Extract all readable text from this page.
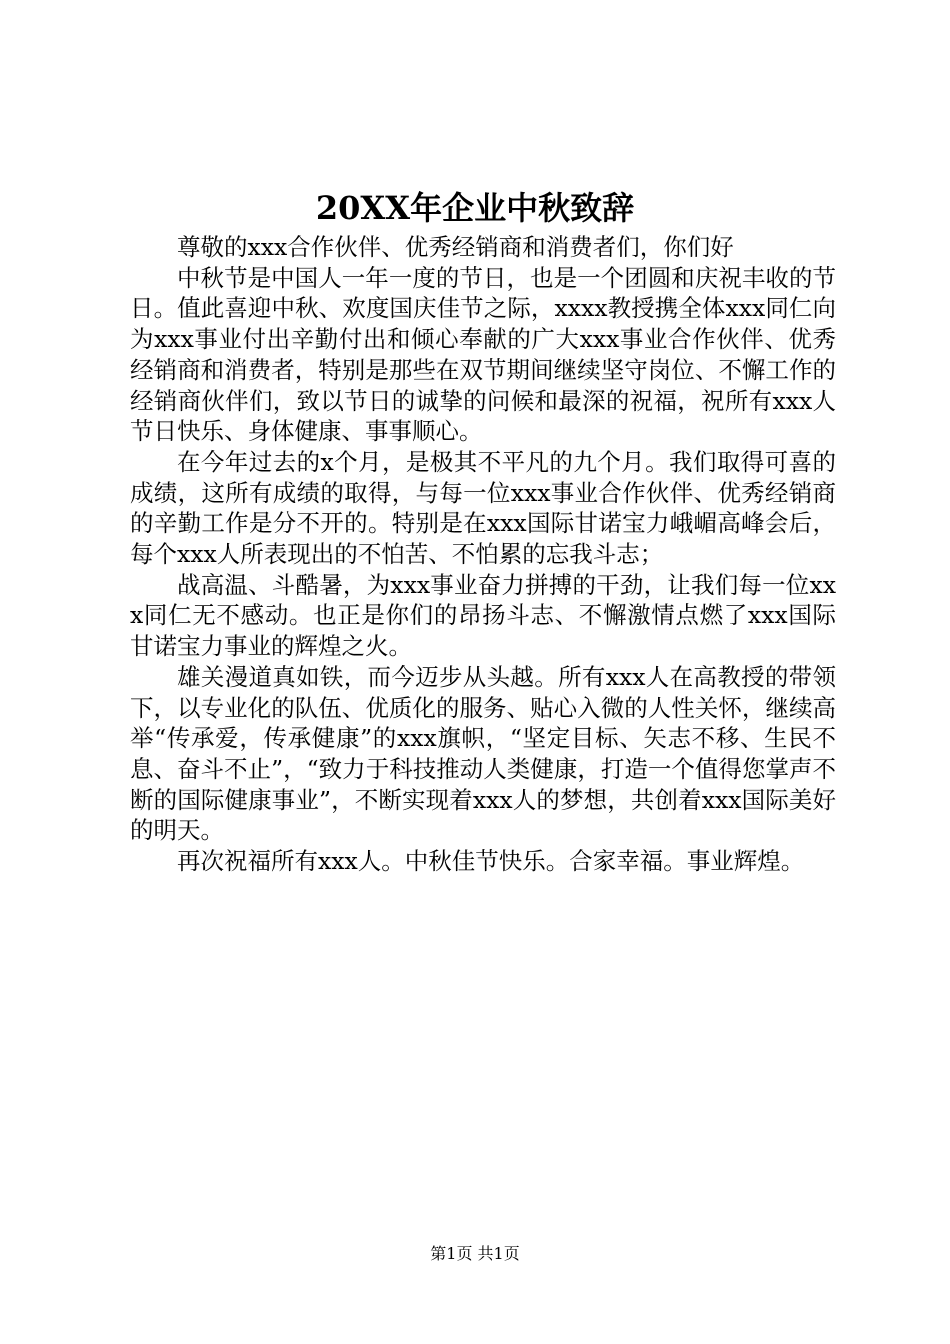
20XX年企业中秋致辞

尊敬的xxx合作伙伴、优秀经销商和消费者们，你们好

中秋节是中国人一年一度的节日，也是一个团圆和庆祝丰收的节日。值此喜迎中秋、欢度国庆佳节之际，xxxx教授携全体xxx同仁向为xxx事业付出辛勤付出和倾心奉献的广大xxx事业合作伙伴、优秀经销商和消费者，特别是那些在双节期间继续坚守岗位、不懈工作的经销商伙伴们，致以节日的诚挚的问候和最深的祝福，祝所有xxx人节日快乐、身体健康、事事顺心。

在今年过去的x个月，是极其不平凡的九个月。我们取得可喜的成绩，这所有成绩的取得，与每一位xxx事业合作伙伴、优秀经销商的辛勤工作是分不开的。特别是在xxx国际甘诺宝力峨嵋高峰会后，每个xxx人所表现出的不怕苦、不怕累的忘我斗志；

战高温、斗酷暑，为xxx事业奋力拼搏的干劲，让我们每一位xxx同仁无不感动。也正是你们的昂扬斗志、不懈激情点燃了xxx国际甘诺宝力事业的辉煌之火。

雄关漫道真如铁，而今迈步从头越。所有xxx人在高教授的带领下，以专业化的队伍、优质化的服务、贴心入微的人性关怀，继续高举“传承爱，传承健康”的xxx旗帜，“坚定目标、矢志不移、生民不息、奋斗不止”，“致力于科技推动人类健康，打造一个值得您掌声不断的国际健康事业”，不断实现着xxx人的梦想，共创着xxx国际美好的明天。

再次祝福所有xxx人。中秋佳节快乐。合家幸福。事业辉煌。

第1页 共1页
